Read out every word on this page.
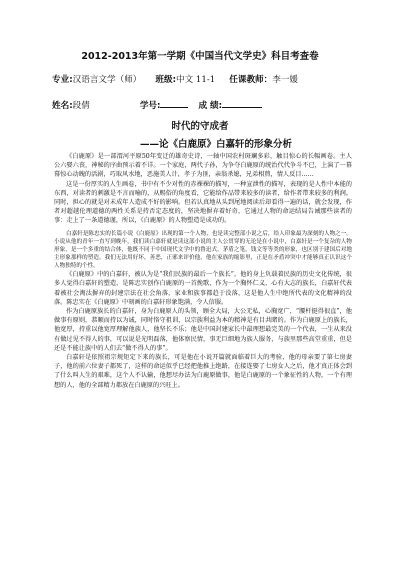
2012-2013年第一学期《中国当代文学史》科目考查卷
专业: 汉语言文学（师） 班级: 中文 11-1 任课教师： 李一媛
姓名: 段倩	学号:	成 绩:
时代的守成者
——论《白鹿原》白嘉轩的形象分析

《白鹿原》是一部渭河平原50年变迁的雄奇史诗，一轴中国农村斑斓多彩，触目惊心的长幅画卷。主人公六娶六丧，神秘的序曲预示着不详。一个家庭，两代子孙，为争夺白鹿原的统治代代争斗不已，上演了一幕幕惊心动魄的活剧，巧取风水地，恶施美人计，孝子为匪，亲翁杀媳，兄弟相煎，情人反目……

这是一份厚实的人生画卷，书中有不少对性的赤裸裸的描写，一种宣泄性的描写，表现的是人性中本能的东西，对读者的刺激是不言而喻的，从赐俗的角度看，它能给作品带来较多的读者，给作者带来较多的利润。同时，担心的就是对未成年人造成不好的影响。但若认真地从头到尾地阅读后却看得一遍的话，就会发现，作者对超越伦理道德的两性关系是持否定态度的，坚决地摒弃着好奇，它通过人物的命运结局告诫那些读者的事：走上了一条道德谨，所以，《白鹿原》的人物塑造是成功的。

白嘉轩是陈忠实的长篇小说《白鹿原》出现的第一个人物，也是读完整部小说之后，给人印象最为深刻的人物之一。小说从他的青年一直写到晚年，我们读白嘉轩就是读这部小说的主人公贯穿的无论是在小说中，白嘉轩是一个复杂的人物形象，是一个多重的结合体，他既不同于中国现代文学中的鲁迅式，茅盾之笔，钱文等等类的形象，也区别于建国后对地主形象那样的塑造。我们无法用好坏，善恶，正邪来评价他，他在家族的缩影里，正是在矛盾冲突中才能够真正认识这个人物独特的个性。

《白鹿原》中的白嘉轩，被认为是“我们民族的最后一个族长”，他的身上负载着民族的历史文化传统，很多人觉得白嘉轩的塑造，是陈忠实创作白鹿原的一首挽歌，作为一个胸怀仁义，心有大志的族长，白嘉轩代表着被社会淘汰摒弃的封建宗法在社会角落，家业和族事都趋于没落，这是他人生中绝所代表的文化精神的没落。陈忠实在《白鹿原》中刻画的白嘉轩形象饱满，令人信服。

作为白鹿原族长的白嘉轩，身为白鹿原人的头领，顾全大局，大公无私，心胸宽广，“腰杆挺得很直”，他做事有原则，恭顺而持以为诚，同时恪守祖训，以宗族利益为本的精神是有目共睹的。作为白鹿原上的族长，他宽厚，持重以他宽厚理解他族人，他坚长不乐；他是中国封建家长中最理想最完美的一个代表，一生从来没有做过见不得人的事，可以说是光明磊落，他体察民情，事无巨细地为族人服务，与族里那些高堂重重，但是还是不能让族中的人们去“做不得人的事”。

白嘉轩是依照祖宗规矩定下来的族长，可是他在小说开篇就面临着巨大的考验，他的母亲要了第七房妻子，他的前六位妻子都死了，这样的命运似乎已经把他推上绝路，在接连娶了七房女人之后，他才真正体会到了什么叫人生的艰难，这个人不认输，他想尽办法为白鹿原做事，他是白鹿原的一个象征性的人物，一个有理想的人，他的全部精力都放在白鹿原的兴旺上。
